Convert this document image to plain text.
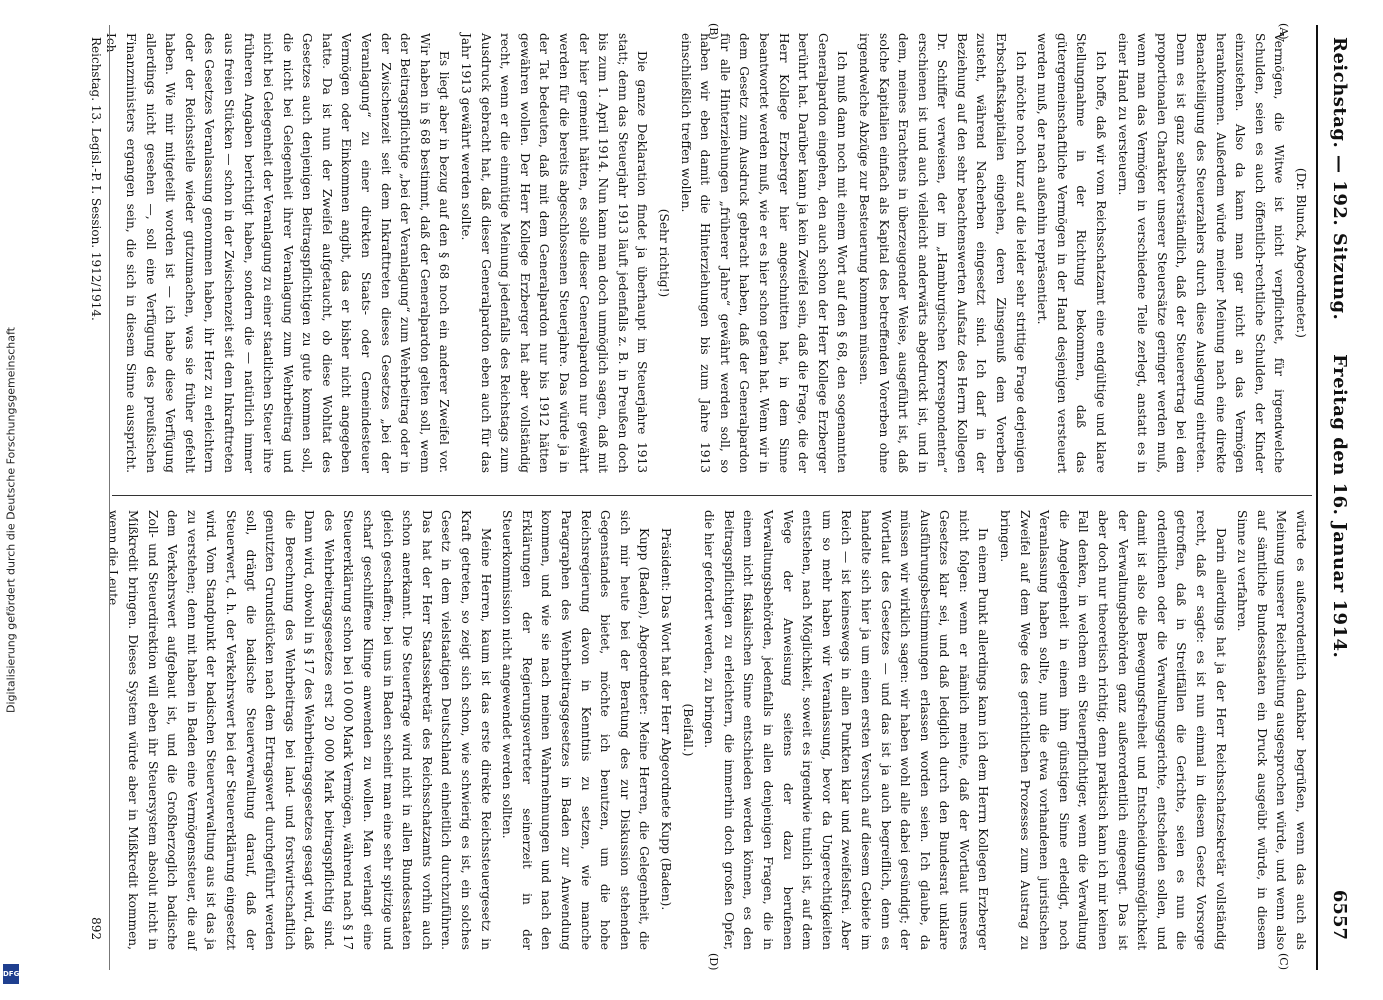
Digitalisierung gefördert durch die Deutsche Forschungsgemeinschaft
DFG
Reichstag. — 192. Sitzung.     Freitag den 16. Januar 1914.
6557
(A)
(B)
(C)
(D)

(Dr. Blunck, Abgeordneter.)

Vermögen, die Witwe ist nicht verpflichtet, für irgendwelche Schulden, seien es auch öffentlich-rechtliche Schulden, der Kinder einzustehen. Also da kann man gar nicht an das Vermögen herankommen. Außerdem würde meiner Meinung nach eine direkte Benachteiligung des Steuerzahlers durch diese Auslegung eintreten. Denn es ist ganz selbstverständlich, daß der Steuerertrag bei dem proportionalen Charakter unserer Steuersätze geringer werden muß, wenn man das Vermögen in verschiedene Teile zerlegt, anstatt es in einer Hand zu versteuern.

Ich hoffe, daß wir vom Reichsschatzamt eine endgültige und klare Stellungnahme in der Richtung bekommen, daß das gütergemeinschaftliche Vermögen in der Hand desjenigen versteuert werden muß, der nach außenhin repräsentiert.

Ich möchte noch kurz auf die leider sehr strittige Frage derjenigen Erbschaftskapitalien eingehen, deren Zinsgenuß dem Vorerben zusteht, während Nacherben eingesetzt sind. Ich darf in der Beziehung auf den sehr beachtenswerten Aufsatz des Herrn Kollegen Dr. Schiffer verweisen, der im „Hamburgischen Korrespondenten“ erschienen ist und auch vielleicht anderwärts abgedruckt ist, und in dem, meines Erachtens in überzeugender Weise, ausgeführt ist, daß solche Kapitalien einfach als Kapital des betreffenden Vorerben ohne irgendwelche Abzüge zur Besteuerung kommen müssen.

Ich muß dann noch mit einem Wort auf den § 68, den sogenannten Generalpardon eingehen, den auch schon der Herr Kollege Erzberger berührt hat. Darüber kann ja kein Zweifel sein, daß die Frage, die der Herr Kollege Erzberger hier angeschnitten hat, in dem Sinne beantwortet werden muß, wie er es hier schon getan hat. Wenn wir in dem Gesetz zum Ausdruck gebracht haben, daß der Generalpardon für alle Hinterziehungen „früherer Jahre“ gewährt werden soll, so haben wir eben damit die Hinterziehungen bis zum Jahre 1913 einschließlich treffen wollen.

(Sehr richtig!)

Die ganze Deklaration findet ja überhaupt im Steuerjahre 1913 statt; denn das Steuerjahr 1913 läuft jedenfalls z. B. in Preußen doch bis zum 1. April 1914. Nun kann man doch unmöglich sagen, daß mit der hier gemeint hätten, es solle dieser Generalpardon nur gewährt werden für die bereits abgeschlossenen Steuerjahre. Das würde ja in der Tat bedeuten, daß mit dem Generalpardon nur bis 1912 hätten gewähren wollen. Der Herr Kollege Erzberger hat aber vollständig recht, wenn er die einmütige Meinung jedenfalls des Reichstags zum Ausdruck gebracht hat, daß dieser Generalpardon eben auch für das Jahr 1913 gewährt werden sollte.

Es liegt aber in bezug auf den § 68 noch ein anderer Zweifel vor. Wir haben in § 68 bestimmt, daß der Generalpardon gelten soll, wenn der Beitragspflichtige „bei der Veranlagung“ zum Wehrbeitrag oder in der Zwischenzeit seit dem Inkrafttreten dieses Gesetzes „bei der Veranlagung“ zu einer direkten Staats- oder Gemeindesteuer Vermögen oder Einkommen angibt, das er bisher nicht angegeben hatte. Da ist nun der Zweifel aufgetaucht, ob diese Wohltat des Gesetzes auch denjenigen Beitragspflichtigen zu gute kommen soll, die nicht bei Gelegenheit ihrer Veranlagung zum Wehrbeitrag und nicht bei Gelegenheit der Veranlagung zu einer staatlichen Steuer ihre früheren Angaben berichtigt haben, sondern die — natürlich immer aus freien Stücken — schon in der Zwischenzeit seit dem Inkrafttreten des Gesetzes Veranlassung genommen haben, ihr Herz zu erleichtern oder der Reichsstelle wieder gutzumachen, was sie früher gefehlt haben. Wie mir mitgeteilt worden ist — ich habe diese Verfügung allerdings nicht gesehen —, soll eine Verfügung des preußischen Finanzministers ergangen sein, die sich in diesem Sinne ausspricht. Ich

würde es außerordentlich dankbar begrüßen, wenn das auch als Meinung unserer Reichsleitung ausgesprochen würde, und wenn also auf sämtliche Bundesstaaten ein Druck ausgeübt würde, in diesem Sinne zu verfahren.

Darin allerdings hat ja der Herr Reichsschatzsekretär vollständig recht, daß er sagte: es ist nun einmal in diesem Gesetz Vorsorge getroffen, daß in Streitfällen die Gerichte, seien es nun die ordentlichen oder die Verwaltungsgerichte, entscheiden sollen, und damit ist also die Bewegungsfreiheit und Entscheidungsmöglichkeit der Verwaltungsbehörden ganz außerordentlich eingeengt. Das ist aber doch nur theoretisch richtig; denn praktisch kann ich mir keinen Fall denken, in welchem ein Steuerpflichtiger, wenn die Verwaltung die Angelegenheit in einem ihm günstigen Sinne erledigt, noch Veranlassung haben sollte, nun die etwa vorhandenen juristischen Zweifel auf dem Wege des gerichtlichen Prozesses zum Austrag zu bringen.

In einem Punkt allerdings kann ich dem Herrn Kollegen Erzberger nicht folgen: wenn er nämlich meinte, daß der Wortlaut unseres Gesetzes klar sei, und daß lediglich durch den Bundesrat unklare Ausführungsbestimmungen erlassen worden seien. Ich glaube, da müssen wir wirklich sagen: wir haben wohl alle dabei gesündigt; der Wortlaut des Gesetzes — und das ist ja auch begreiflich, denn es handelte sich hier ja um einen ersten Versuch auf diesem Gebiete im Reich — ist keineswegs in allen Punkten klar und zweifelsfrei. Aber um so mehr haben wir Veranlassung, bevor da Ungerechtigkeiten entstehen, nach Möglichkeit, soweit es irgendwie tunlich ist, auf dem Wege der Anweisung seitens der dazu berufenen Verwaltungsbehörden, jedenfalls in allen denjenigen Fragen, die in einem nicht fiskalischen Sinne entschieden werden können, es den Beitragspflichtigen zu erleichtern, die immerhin doch großen Opfer, die hier gefordert werden, zu bringen.

(Beifall.)

Präsident: Das Wort hat der Herr Abgeordnete Kupp (Baden).

Kupp (Baden), Abgeordneter: Meine Herren, die Gelegenheit, die sich mir heute bei der Beratung des zur Diskussion stehenden Gegenstandes bietet, möchte ich benutzen, um die hohe Reichsregierung davon in Kenntnis zu setzen, wie manche Paragraphen des Wehrbeitragsgesetzes in Baden zur Anwendung kommen, und wie sie nach meinen Wahrnehmungen und nach den Erklärungen der Regierungsvertreter seinerzeit in der Steuerkommission nicht angewendet werden sollten.

Meine Herren, kaum ist das erste direkte Reichssteuergesetz in Kraft getreten, so zeigt sich schon, wie schwierig es ist, ein solches Gesetz in dem vielstaatigen Deutschland einheitlich durchzuführen. Das hat der Herr Staatssekretär des Reichsschatzamts vorhin auch schon anerkannt. Die Steuerfrage wird nicht in allen Bundesstaaten gleich geschaffen; bei uns in Baden scheint man eine sehr spitzige und scharf geschliffene Klinge anwenden zu wollen. Man verlangt eine Steuererklärung schon bei 10 000 Mark Vermögen, während nach § 17 des Wehrbeitragsgesetzes erst 20 000 Mark beitragspflichtig sind. Dann wird, obwohl in § 17 des Wehrbeitragsgesetzes gesagt wird, daß die Berechnung des Wehrbeitrags bei land- und forstwirtschaftlich genutzten Grundstücken nach dem Ertragswert durchgeführt werden soll, drängt die badische Steuerverwaltung darauf, daß der Steuerwert, d. h. der Verkehrswert bei der Steuererklärung eingesetzt wird. Vom Standpunkt der badischen Steuerverwaltung aus ist das ja zu verstehen; denn mit haben in Baden eine Vermögenssteuer, die auf dem Verkehrswert aufgebaut ist, und die Großherzoglich badische Zoll- und Steuerdirektion will eben ihr Steuersystem absolut nicht in Mißkredit bringen. Dieses System würde aber in Mißkredit kommen, wenn die Leute

Reichstag. 13. Legisl.-P. I. Session. 1912/1914.
892
